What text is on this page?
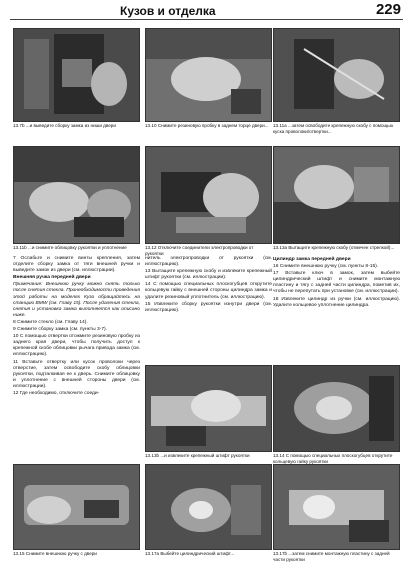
Кузов и отделка	229
13.7b ...и выведите сборку замка из ниши двери
13.11b ...и снимите облицовку рукоятки и уплотнение

7 Ослабьте и снимите винты крепления, затем отделите сборку замка от тяги внешней ручки и выведите замок из двери (см. иллюстрации).

Внешняя ручка передней двери

Примечание: Внешнюю ручку можно снять только после снятия стекла. Принеобходимости проведения этой работы на моделях Кузо обращайтесь на станцию BMW (см. Главу 15). После удаления стекла, снятия и установка замка выполняется как описано ниже.

8 Снимите стекло (см. Главу 14).

9 Снимите сборку замка (см. пункты 3-7).

10 С помощью отвертки отожмите резиновую пробку из заднего края двери, чтобы получить доступ к крепежной скобе облицовки рычага привода замка (см. иллюстрацию).

11 Вставьте отвертку или кусок проволоки через отверстие, затем освободите скобу облицовки рукоятки, подталкивая ее к дверь. Снимите облицовку и уплотнение с внешней стороны двери (см. иллюстрации).

12 Где необходимо, отключите соеди-

13.15 Снимите внешнюю ручку с двери
13.10 Снимите резиновую пробку в заднем торце двери...
13.12 Отключите соединители электропроводки от рукоятки

нитель электропроводки от рукоятки (см. иллюстрацию).

13 Вытащите крепежную скобу и извлеките крепежный штифт рукоятки (см. иллюстрации).

14 С помощью специальных плоскогубцев открутите кольцевую гайку с внешней стороны цилиндра замка и удалите резиновый уплотнитель (см. иллюстрацию).

15 Извлеките сборку рукоятки изнутри двери (см. иллюстрацию).

13.13b ...и извлеките крепежный штифт рукоятки
13.17a Выбейте цилиндрический штифт...
13.11a ...затем освободите крепежную скобу с помощью куска проволоки/отвертки...
13.13a Вытащите крепежную скобу (отмечен стрелкой)...

Цилиндр замка передней двери

16 Снимите внешнюю ручку (см. пункты 8-15).

17 Вставьте ключ в замок, затем выбейте цилиндрический штифт и снимите монтажную пластину и тягу с задней части цилиндра, пометив их, чтобы не перепутать при установке (см. иллюстрации).

18 Извлеките цилиндр из ручки (см. иллюстрацию). Удалите кольцевое уплотнение цилиндра.

13.14 С помощью специальных плоскогубцев открутите кольцевую гайку рукоятки
13.17b ...затем снимите монтажную пластину с задней части рукоятки
